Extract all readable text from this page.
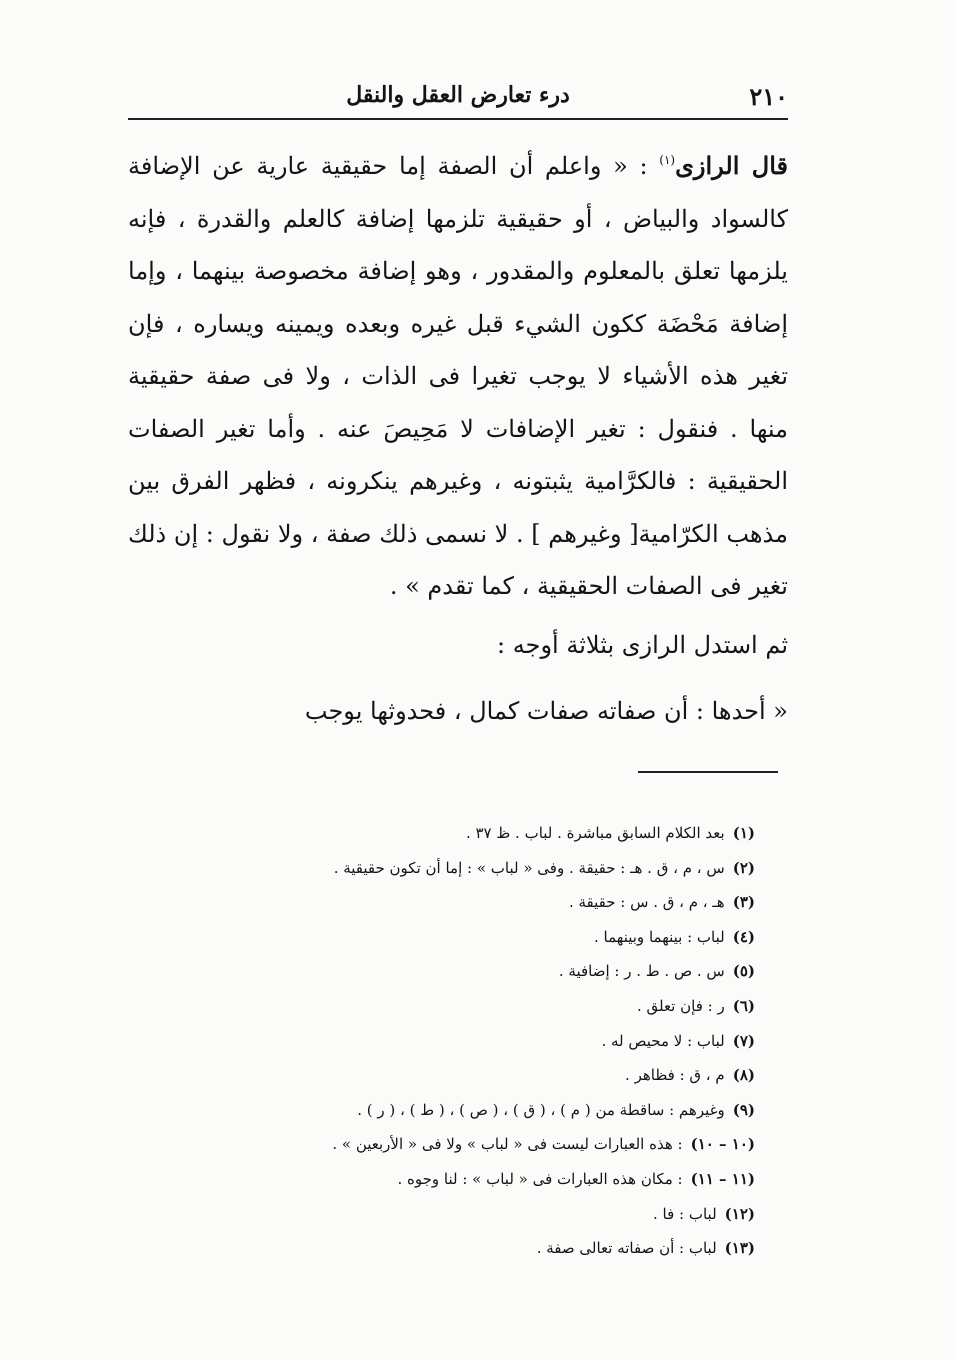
٢١٠
درء تعارض العقل والنقل

قال الرازى$^{(١)}$ : « واعلم أن الصفة إما حقيقية عارية عن الإضافة كالسواد والبياض ، أو حقيقية تلزمها إضافة كالعلم والقدرة ، فإنه يلزمها تعلق بالمعلوم والمقدور ، وهو إضافة مخصوصة بينهما ، وإما إضافة مَحْضَة ككون الشيء قبل غيره وبعده ويمينه ويساره ، فإن تغير هذه الأشياء لا يوجب تغيرا فى الذات ، ولا فى صفة حقيقية منها . فنقول : تغير الإضافات لا مَحِيصَ عنه . وأما تغير الصفات الحقيقية : فالكرَّامية يثبتونه ، وغيرهم ينكرونه ، فظهر الفرق بين مذهب الكرّامية[ وغيرهم ] . لا نسمى ذلك صفة ، ولا نقول : إن ذلك تغير فى الصفات الحقيقية ، كما تقدم » .

ثم استدل الرازى بثلاثة أوجه :

« أحدها : أن صفاته صفات كمال ، فحدوثها يوجب

(١)بعد الكلام السابق مباشرة . لباب . ظ ٣٧ .
(٢)س ، م ، ق . هـ : حقيقة . وفى « لباب » : إما أن تكون حقيقية .
(٣)هـ ، م ، ق . س : حقيقة .
(٤)لباب : بينهما وبينهما .
(٥)س . ص . ط . ر : إضافية .
(٦)ر : فإن تعلق .
(٧)لباب : لا محيص له .
(٨)م ، ق : فظاهر .
(٩)وغيرهم : ساقطة من ( م ) ، ( ق ) ، ( ص ) ، ( ط ) ، ( ر ) .
(١٠ – ١٠): هذه العبارات ليست فى « لباب » ولا فى « الأربعين » .
(١١ – ١١): مكان هذه العبارات فى « لباب » : لنا وجوه .
(١٢)لباب : فا .
(١٣)لباب : أن صفاته تعالى صفة .
